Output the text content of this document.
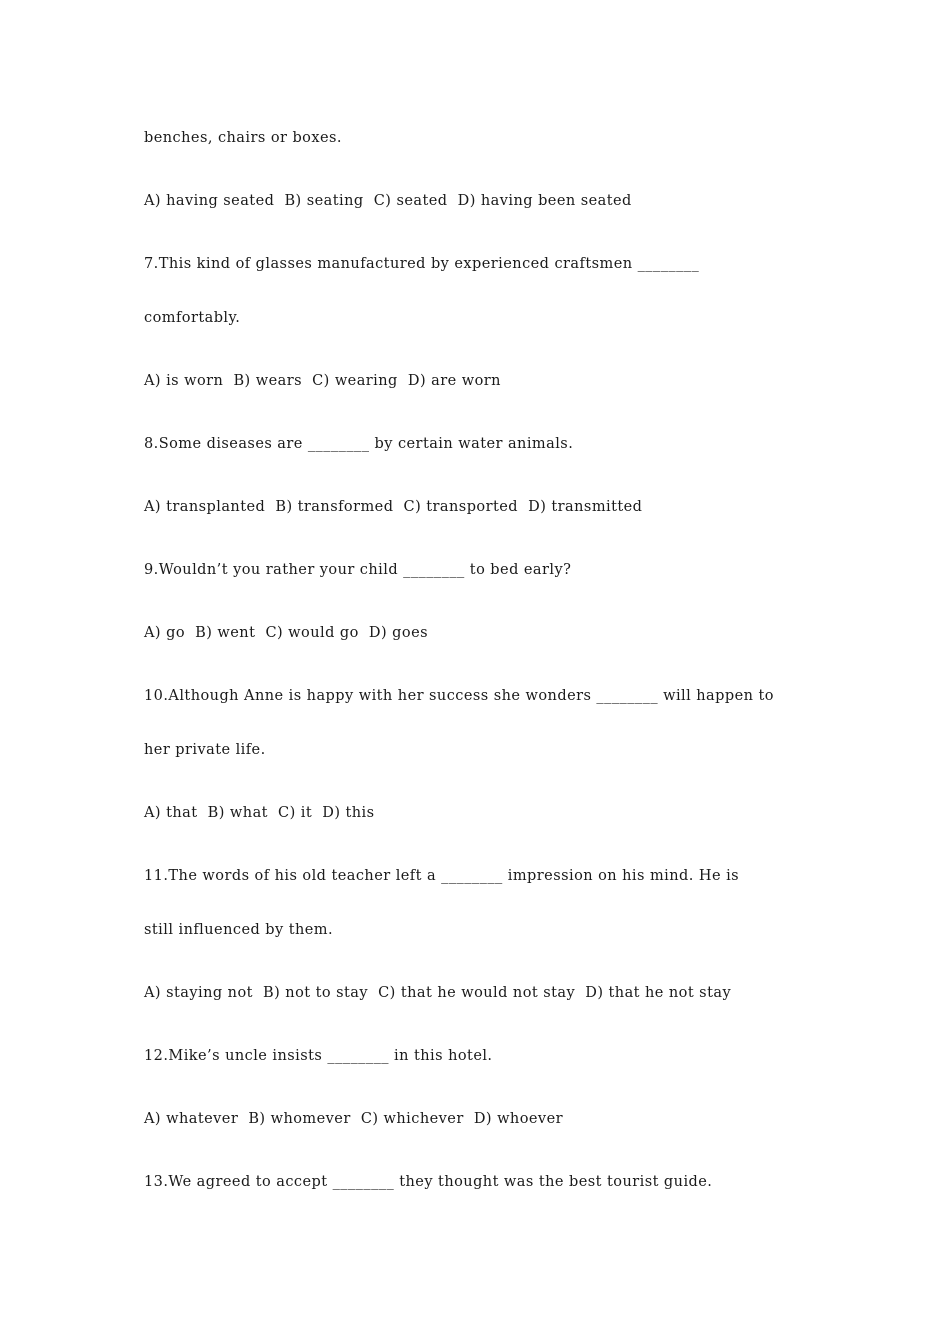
benches, chairs or boxes.
A) having seated  B) seating  C) seated  D) having been seated
7.This kind of glasses manufactured by experienced craftsmen ________
comfortably.
A) is worn  B) wears  C) wearing  D) are worn
8.Some diseases are ________ by certain water animals.
A) transplanted  B) transformed  C) transported  D) transmitted
9.Wouldn’t you rather your child ________ to bed early?
A) go  B) went  C) would go  D) goes
10.Although Anne is happy with her success she wonders ________ will happen to
her private life.
A) that  B) what  C) it  D) this
11.The words of his old teacher left a ________ impression on his mind. He is
still influenced by them.
A) staying not  B) not to stay  C) that he would not stay  D) that he not stay
12.Mike’s uncle insists ________ in this hotel.
A) whatever  B) whomever  C) whichever  D) whoever
13.We agreed to accept ________ they thought was the best tourist guide.
